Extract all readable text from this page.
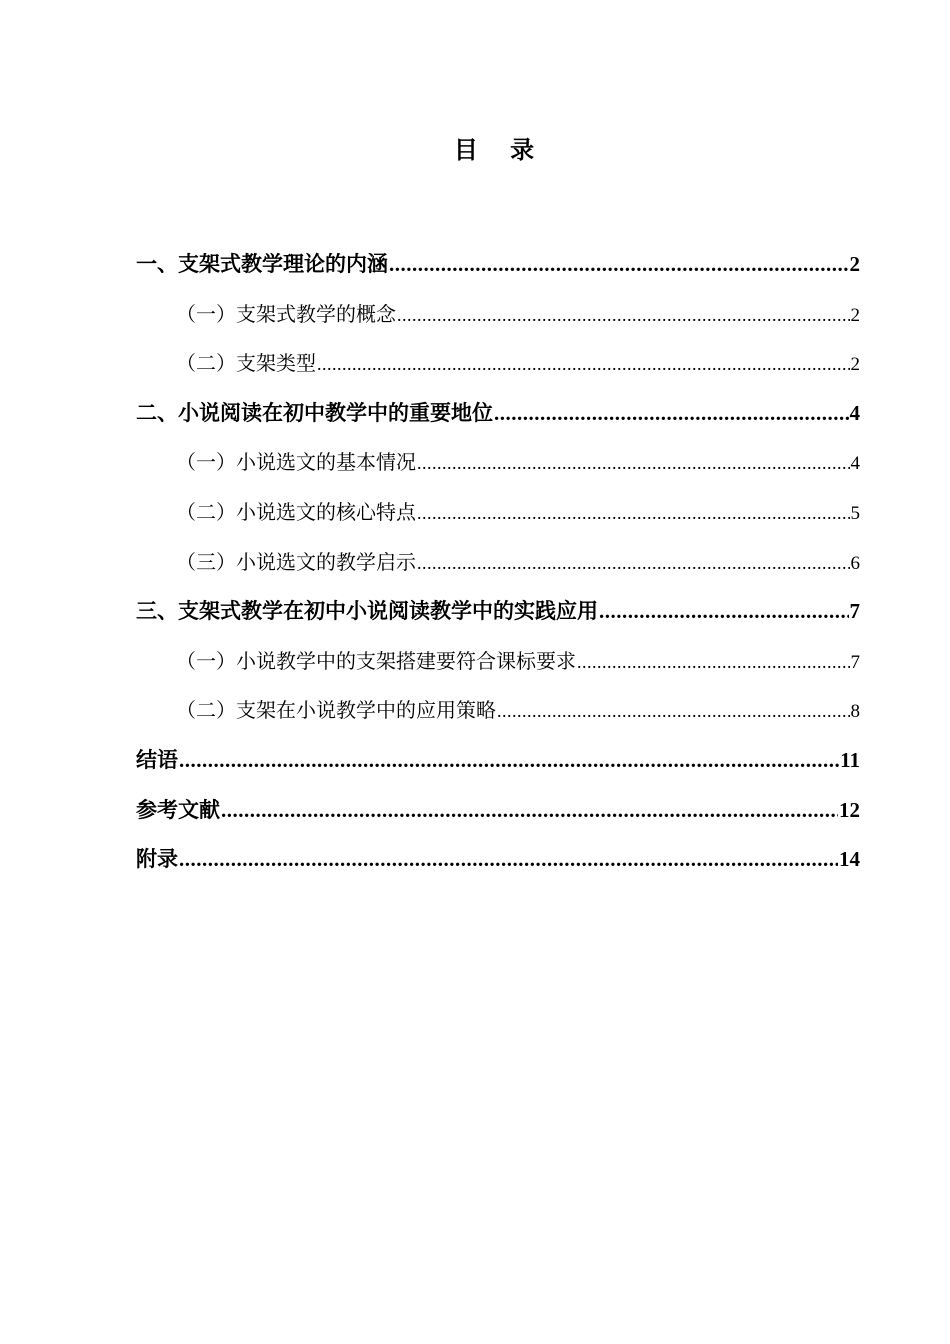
目 录
一、支架式教学理论的内涵 .....	2
（一）支架式教学的概念 .....	2
（二）支架类型 .....	2
二、小说阅读在初中教学中的重要地位 .....	4
（一）小说选文的基本情况 .....	4
（二）小说选文的核心特点 .....	5
（三）小说选文的教学启示 .....	6
三、支架式教学在初中小说阅读教学中的实践应用 .....	7
（一）小说教学中的支架搭建要符合课标要求 .....	7
（二）支架在小说教学中的应用策略 .....	8
结语 .....	11
参考文献 .....	12
附录 .....	14
